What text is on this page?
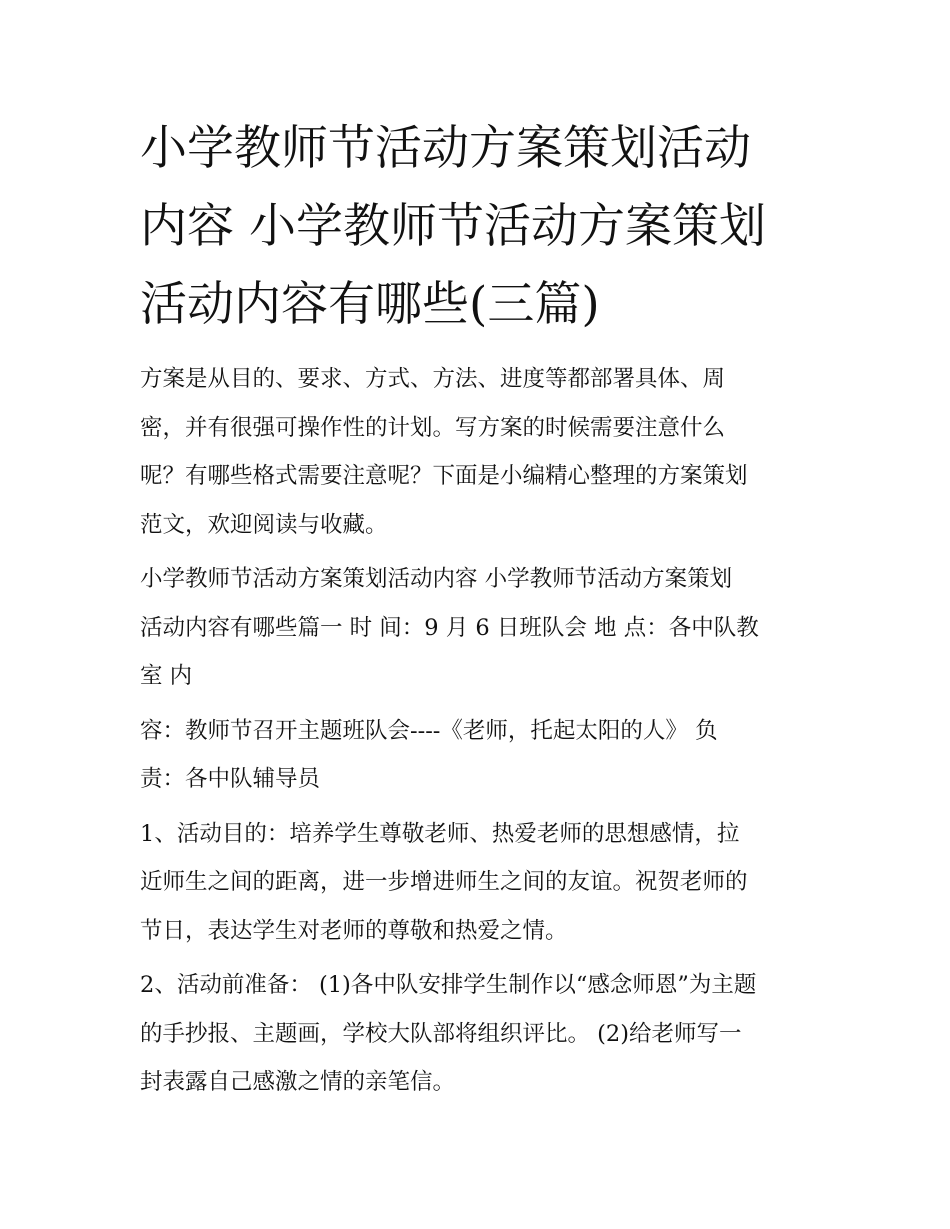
小学教师节活动方案策划活动
内容 小学教师节活动方案策划
活动内容有哪些(三篇)

方案是从目的、要求、方式、方法、进度等都部署具体、周
密，并有很强可操作性的计划。写方案的时候需要注意什么
呢？有哪些格式需要注意呢？下面是小编精心整理的方案策划
范文，欢迎阅读与收藏。

小学教师节活动方案策划活动内容 小学教师节活动方案策划
活动内容有哪些篇一 时 间：9 月 6 日班队会 地 点：各中队教
室 内

容：教师节召开主题班队会----《老师，托起太阳的人》 负
责：各中队辅导员

1、活动目的：培养学生尊敬老师、热爱老师的思想感情，拉
近师生之间的距离，进一步增进师生之间的友谊。祝贺老师的
节日，表达学生对老师的尊敬和热爱之情。

2、活动前准备： (1)各中队安排学生制作以“感念师恩”为主题
的手抄报、主题画，学校大队部将组织评比。 (2)给老师写一
封表露自己感激之情的亲笔信。
